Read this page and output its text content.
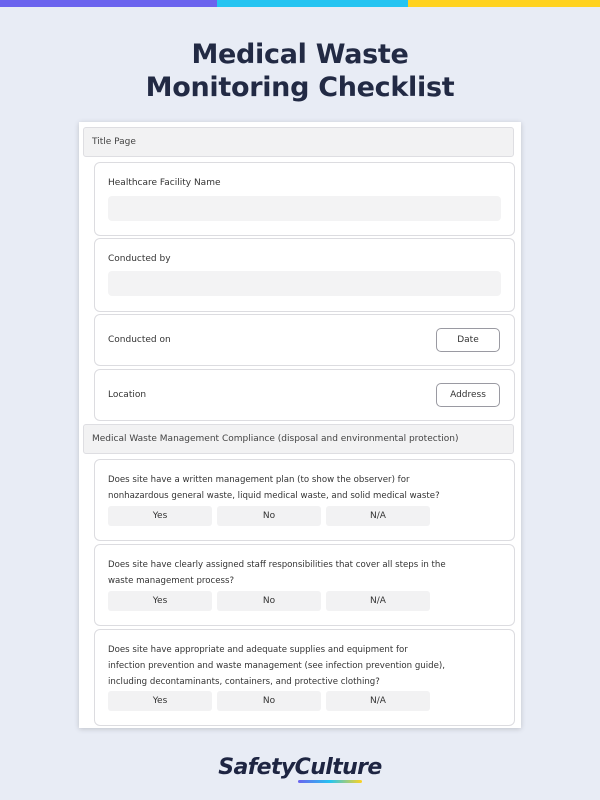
Medical Waste
Monitoring Checklist
Title Page
Healthcare Facility Name
Conducted by
Conducted on	Date
Location	Address
Medical Waste Management Compliance (disposal and environmental protection)
Does site have a written management plan (to show the observer) for
nonhazardous general waste, liquid medical waste, and solid medical waste?
Yes	No	N/A
Does site have clearly assigned staff responsibilities that cover all steps in the
waste management process?
Yes	No	N/A
Does site have appropriate and adequate supplies and equipment for
infection prevention and waste management (see infection prevention guide),
including decontaminants, containers, and protective clothing?
Yes	No	N/A
SafetyCulture
